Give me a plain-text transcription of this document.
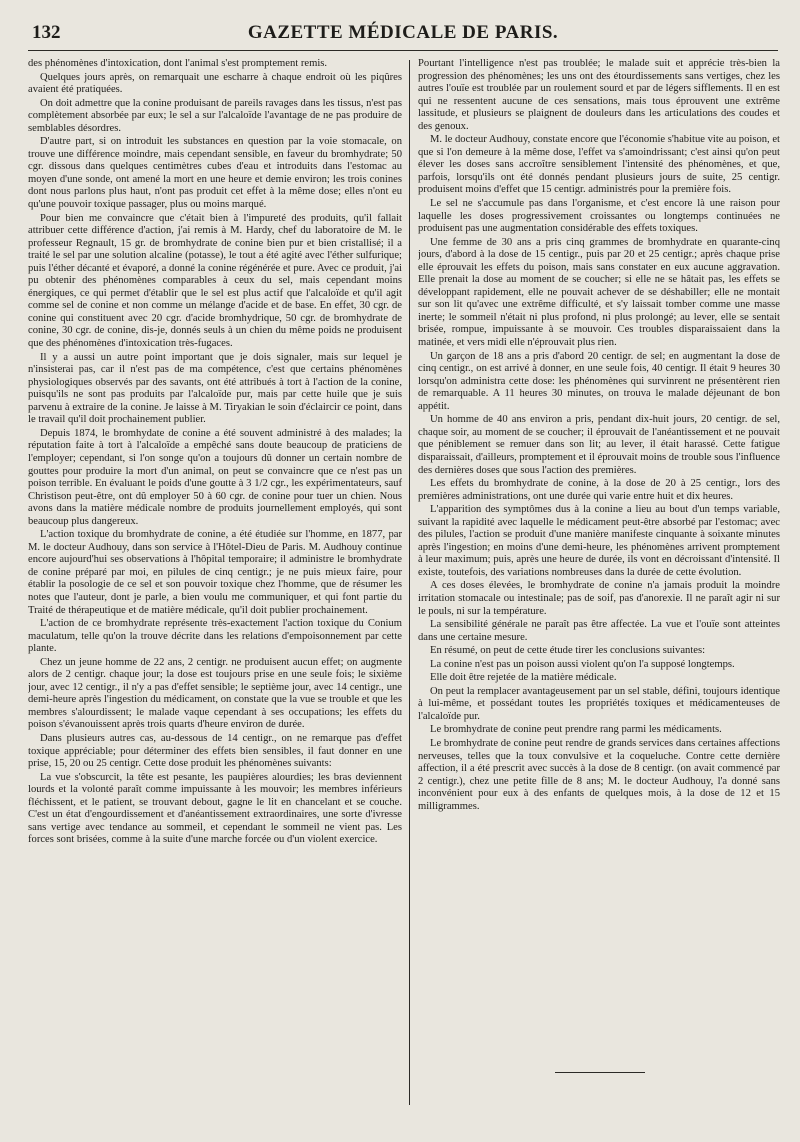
132	GAZETTE MÉDICALE DE PARIS.

des phénomènes d'intoxication, dont l'animal s'est promptement remis.

Quelques jours après, on remarquait une escharre à chaque endroit où les piqûres avaient été pratiquées.

On doit admettre que la conine produisant de pareils ravages dans les tissus, n'est pas complètement absorbée par eux; le sel a sur l'alcaloïde l'avantage de ne pas produire de semblables désordres.

D'autre part, si on introduit les substances en question par la voie stomacale, on trouve une différence moindre, mais cependant sensible, en faveur du bromhydrate; 50 cgr. dissous dans quelques centimètres cubes d'eau et introduits dans l'estomac au moyen d'une sonde, ont amené la mort en une heure et demie environ; les trois conines dont nous parlons plus haut, n'ont pas produit cet effet à la même dose; elles n'ont eu qu'une pouvoir toxique passager, plus ou moins marqué.

Pour bien me convaincre que c'était bien à l'impureté des produits, qu'il fallait attribuer cette différence d'action, j'ai remis à M. Hardy, chef du laboratoire de M. le professeur Regnault, 15 gr. de bromhydrate de conine bien pur et bien cristallisé; il a traité le sel par une solution alcaline (potasse), le tout a été agité avec l'éther sulfurique; puis l'éther décanté et évaporé, a donné la conine régénérée et pure. Avec ce produit, j'ai pu obtenir des phénomènes comparables à ceux du sel, mais cependant moins énergiques, ce qui permet d'établir que le sel est plus actif que l'alcaloïde et qu'il agit comme sel de conine et non comme un mélange d'acide et de base. En effet, 30 cgr. de conine qui constituent avec 20 cgr. d'acide bromhydrique, 50 cgr. de bromhydrate de conine, 30 cgr. de conine, dis-je, donnés seuls à un chien du même poids ne produisent que des phénomènes d'intoxication très-fugaces.

Il y a aussi un autre point important que je dois signaler, mais sur lequel je n'insisterai pas, car il n'est pas de ma compétence, c'est que certains phénomènes physiologiques observés par des savants, ont été attribués à tort à l'action de la conine, puisqu'ils ne sont pas produits par l'alcaloïde pur, mais par cette huile que je suis parvenu à extraire de la conine. Je laisse à M. Tiryakian le soin d'éclaircir ce point, dans le travail qu'il doit prochainement publier.

Depuis 1874, le bromhydate de conine a été souvent administré à des malades; la réputation faite à tort à l'alcaloïde a empêché sans doute beaucoup de praticiens de l'employer; cependant, si l'on songe qu'on a toujours dû donner un certain nombre de gouttes pour produire la mort d'un animal, on peut se convaincre que ce n'est pas un poison terrible. En évaluant le poids d'une goutte à 3 1/2 cgr., les expérimentateurs, sauf Christison peut-être, ont dû employer 50 à 60 cgr. de conine pour tuer un chien. Nous avons dans la matière médicale nombre de produits journellement employés, qui sont beaucoup plus dangereux.

L'action toxique du bromhydrate de conine, a été étudiée sur l'homme, en 1877, par M. le docteur Audhouy, dans son service à l'Hôtel-Dieu de Paris. M. Audhouy continue encore aujourd'hui ses observations à l'hôpital temporaire; il administre le bromhydrate de conine préparé par moi, en pilules de cinq centigr.; je ne puis mieux faire, pour établir la posologie de ce sel et son pouvoir toxique chez l'homme, que de résumer les notes que l'auteur, dont je parle, a bien voulu me communiquer, et qui font partie du Traité de thérapeutique et de matière médicale, qu'il doit publier prochainement.

L'action de ce bromhydrate représente très-exactement l'action toxique du Conium maculatum, telle qu'on la trouve décrite dans les relations d'empoisonnement par cette plante.

Chez un jeune homme de 22 ans, 2 centigr. ne produisent aucun effet; on augmente alors de 2 centigr. chaque jour; la dose est toujours prise en une seule fois; le sixième jour, avec 12 centigr., il n'y a pas d'effet sensible; le septième jour, avec 14 centigr., une demi-heure après l'ingestion du médicament, on constate que la vue se trouble et que les membres s'alourdissent; le malade vaque cependant à ses occupations; les effets du poison s'évanouissent après trois quarts d'heure environ de durée.

Dans plusieurs autres cas, au-dessous de 14 centigr., on ne remarque pas d'effet toxique appréciable; pour déterminer des effets bien sensibles, il faut donner en une prise, 15, 20 ou 25 centigr. Cette dose produit les phénomènes suivants:

La vue s'obscurcit, la tête est pesante, les paupières alourdies; les bras deviennent lourds et la volonté paraît comme impuissante à les mouvoir; les membres inférieurs fléchissent, et le patient, se trouvant debout, gagne le lit en chancelant et se couche. C'est un état d'engourdissement et d'anéantissement extraordinaires, une sorte d'ivresse sans vertige avec tendance au sommeil, et cependant le sommeil ne vient pas. Les forces sont brisées, comme à la suite d'une marche forcée ou d'un violent exercice.

Pourtant l'intelligence n'est pas troublée; le malade suit et apprécie très-bien la progression des phénomènes; les uns ont des étourdissements sans vertiges, chez les autres l'ouïe est troublée par un roulement sourd et par de légers sifflements. Il en est qui ne ressentent aucune de ces sensations, mais tous éprouvent une extrême lassitude, et plusieurs se plaignent de douleurs dans les articulations des coudes et des genoux.

M. le docteur Audhouy, constate encore que l'économie s'habitue vite au poison, et que si l'on demeure à la même dose, l'effet va s'amoindrissant; c'est ainsi qu'on peut élever les doses sans accroître sensiblement l'intensité des phénomènes, et que, parfois, lorsqu'ils ont été donnés pendant plusieurs jours de suite, 25 centigr. produisent moins d'effet que 15 centigr. administrés pour la première fois.

Le sel ne s'accumule pas dans l'organisme, et c'est encore là une raison pour laquelle les doses progressivement croissantes ou longtemps continuées ne produisent pas une augmentation considérable des effets toxiques.

Une femme de 30 ans a pris cinq grammes de bromhydrate en quarante-cinq jours, d'abord à la dose de 15 centigr., puis par 20 et 25 centigr.; après chaque prise elle éprouvait les effets du poison, mais sans constater en eux aucune aggravation. Elle prenait la dose au moment de se coucher; si elle ne se hâtait pas, les effets se développant rapidement, elle ne pouvait achever de se déshabiller; elle ne montait sur son lit qu'avec une extrême difficulté, et s'y laissait tomber comme une masse inerte; le sommeil n'était ni plus profond, ni plus prolongé; au lever, elle se sentait brisée, rompue, impuissante à se mouvoir. Ces troubles disparaissaient dans la matinée, et vers midi elle n'éprouvait plus rien.

Un garçon de 18 ans a pris d'abord 20 centigr. de sel; en augmentant la dose de cinq centigr., on est arrivé à donner, en une seule fois, 40 centigr. Il était 9 heures 30 lorsqu'on administra cette dose: les phénomènes qui survinrent ne présentèrent rien de remarquable. A 11 heures 30 minutes, on trouva le malade déjeunant de bon appétit.

Un homme de 40 ans environ a pris, pendant dix-huit jours, 20 centigr. de sel, chaque soir, au moment de se coucher; il éprouvait de l'anéantissement et ne pouvait que péniblement se remuer dans son lit; au lever, il était harassé. Cette fatigue disparaissait, d'ailleurs, promptement et il éprouvait moins de trouble sous l'influence des dernières doses que sous l'action des premières.

Les effets du bromhydrate de conine, à la dose de 20 à 25 centigr., lors des premières administrations, ont une durée qui varie entre huit et dix heures.

L'apparition des symptômes dus à la conine a lieu au bout d'un temps variable, suivant la rapidité avec laquelle le médicament peut-être absorbé par l'estomac; avec des pilules, l'action se produit d'une manière manifeste cinquante à soixante minutes après l'ingestion; en moins d'une demi-heure, les phénomènes arrivent promptement à leur maximum; puis, après une heure de durée, ils vont en décroissant d'intensité. Il existe, toutefois, des variations nombreuses dans la durée de cette évolution.

A ces doses élevées, le bromhydrate de conine n'a jamais produit la moindre irritation stomacale ou intestinale; pas de soif, pas d'anorexie. Il ne paraît agir ni sur le pouls, ni sur la température.

La sensibilité générale ne paraît pas être affectée. La vue et l'ouïe sont atteintes dans une certaine mesure.

En résumé, on peut de cette étude tirer les conclusions suivantes:

La conine n'est pas un poison aussi violent qu'on l'a supposé longtemps.

Elle doit être rejetée de la matière médicale.

On peut la remplacer avantageusement par un sel stable, défini, toujours identique à lui-même, et possédant toutes les propriétés toxiques et médicamenteuses de l'alcaloïde pur.

Le bromhydrate de conine peut prendre rang parmi les médicaments.

Le bromhydrate de conine peut rendre de grands services dans certaines affections nerveuses, telles que la toux convulsive et la coqueluche. Contre cette dernière affection, il a été prescrit avec succès à la dose de 8 centigr. (on avait commencé par 2 centigr.), chez une petite fille de 8 ans; M. le docteur Audhouy, l'a donné sans inconvénient pour eux à des enfants de quelques mois, à la dose de 12 et 15 milligrammes.
